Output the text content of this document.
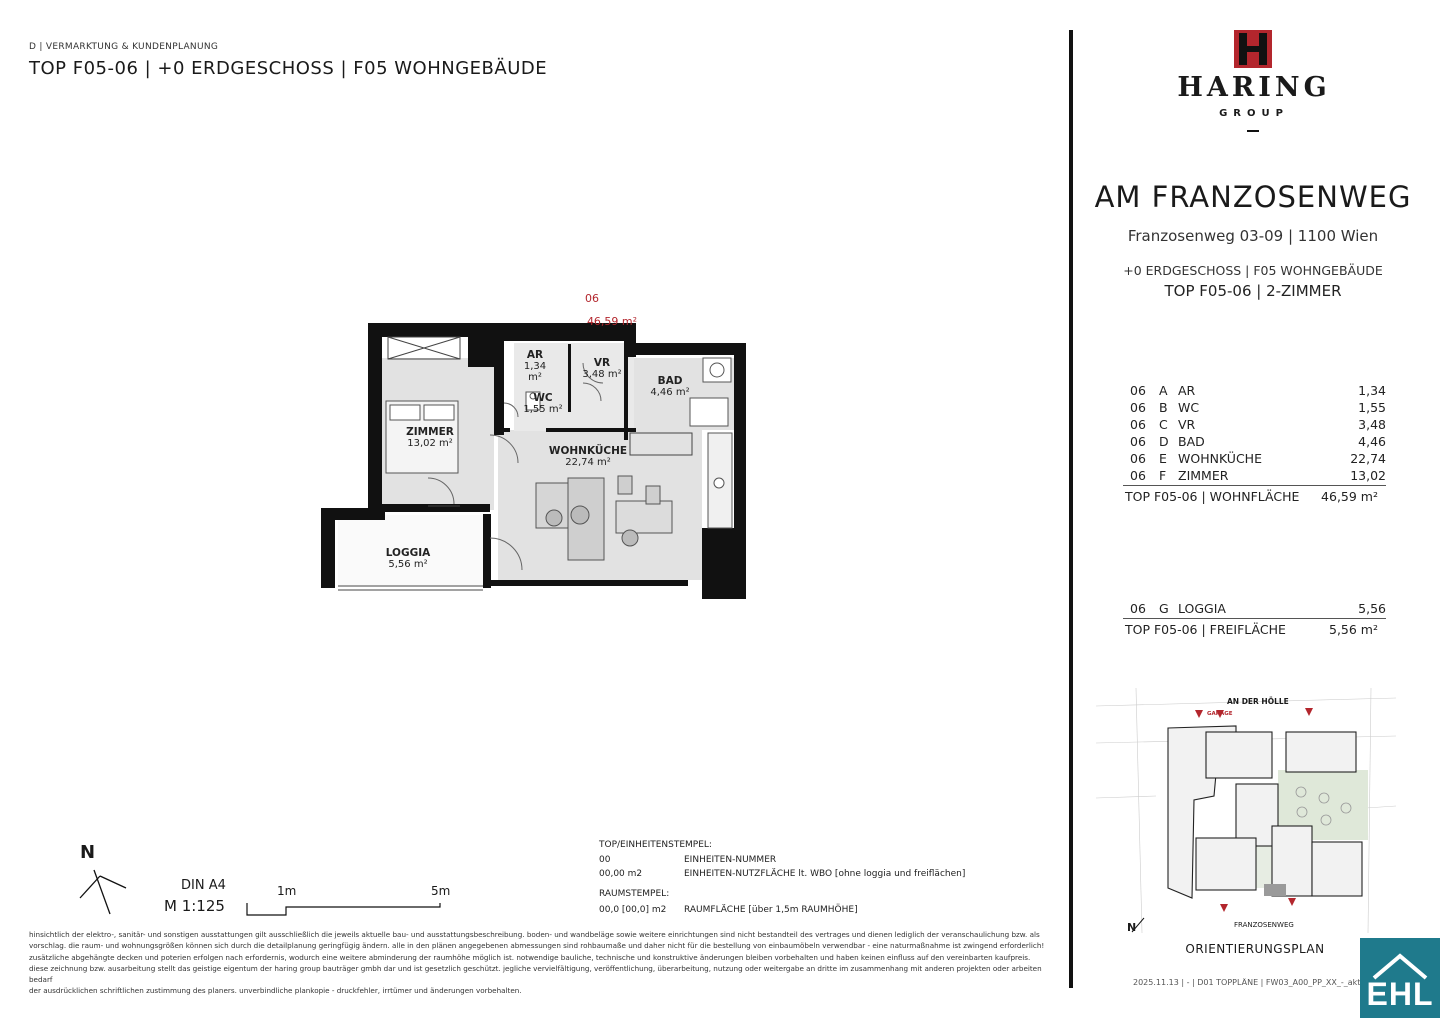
D | VERMARKTUNG & KUNDENPLANUNG
TOP F05-06 | +0 ERDGESCHOSS | F05 WOHNGEBÄUDE
06
46,59 m²
AR
1,34 m²
VR
3,48 m²
BAD
4,46 m²
WC
1,55 m²
ZIMMER
13,02 m²
WOHNKÜCHE
22,74 m²
LOGGIA
5,56 m²
N
DIN A4
M 1:125
1m	5m
TOP/EINHEITENSTEMPEL:
00	EINHEITEN-NUMMER
00,00 m2	EINHEITEN-NUTZFLÄCHE lt. WBO [ohne loggia und freiflächen]
RAUMSTEMPEL:
00,0 [00,0] m2 RAUMFLÄCHE [über 1,5m RAUMHÖHE]
hinsichtlich der elektro-, sanitär- und sonstigen ausstattungen gilt ausschließlich die jeweils aktuelle bau- und ausstattungsbeschreibung. boden- und wandbeläge sowie weitere einrichtungen sind nicht bestandteil des vertrages und dienen lediglich der veranschaulichung bzw. als
vorschlag. die raum- und wohnungsgrößen können sich durch die detailplanung geringfügig ändern. alle in den plänen angegebenen abmessungen sind rohbaumaße und daher nicht für die bestellung von einbaumöbeln verwendbar - eine naturmaßnahme ist zwingend erforderlich!
zusätzliche abgehängte decken und poterien erfolgen nach erfordernis, wodurch eine weitere abminderung der raumhöhe möglich ist. notwendige bauliche, technische und konstruktive änderungen bleiben vorbehalten und haben keinen einfluss auf den vereinbarten kaufpreis.
diese zeichnung bzw. ausarbeitung stellt das geistige eigentum der haring group bauträger gmbh dar und ist gesetzlich geschützt. jegliche vervielfältigung, veröffentlichung, überarbeitung, nutzung oder weitergabe an dritte im zusammenhang mit anderen projekten oder arbeiten bedarf
der ausdrücklichen schriftlichen zustimmung des planers. unverbindliche plankopie - druckfehler, irrtümer und änderungen vorbehalten.
HARING
GROUP
AM FRANZOSENWEG
Franzosenweg 03-09 | 1100 Wien
+0 ERDGESCHOSS | F05 WOHNGEBÄUDE
TOP F05-06 | 2-ZIMMER
06 A AR	1,34
06 B WC	1,55
06 C VR	3,48
06 D BAD	4,46
06 E WOHNKÜCHE	22,74
06 F ZIMMER	13,02
TOP F05-06 | WOHNFLÄCHE 46,59 m²
06 G LOGGIA	5,56
TOP F05-06 | FREIFLÄCHE	5,56 m²
AN DER HÖLLE
GARAGE
FRANZOSENWEG
N
ORIENTIERUNGSPLAN
2025.11.13 | - | D01 TOPPLÄNE | FW03_A00_PP_XX_-_akt EHL
